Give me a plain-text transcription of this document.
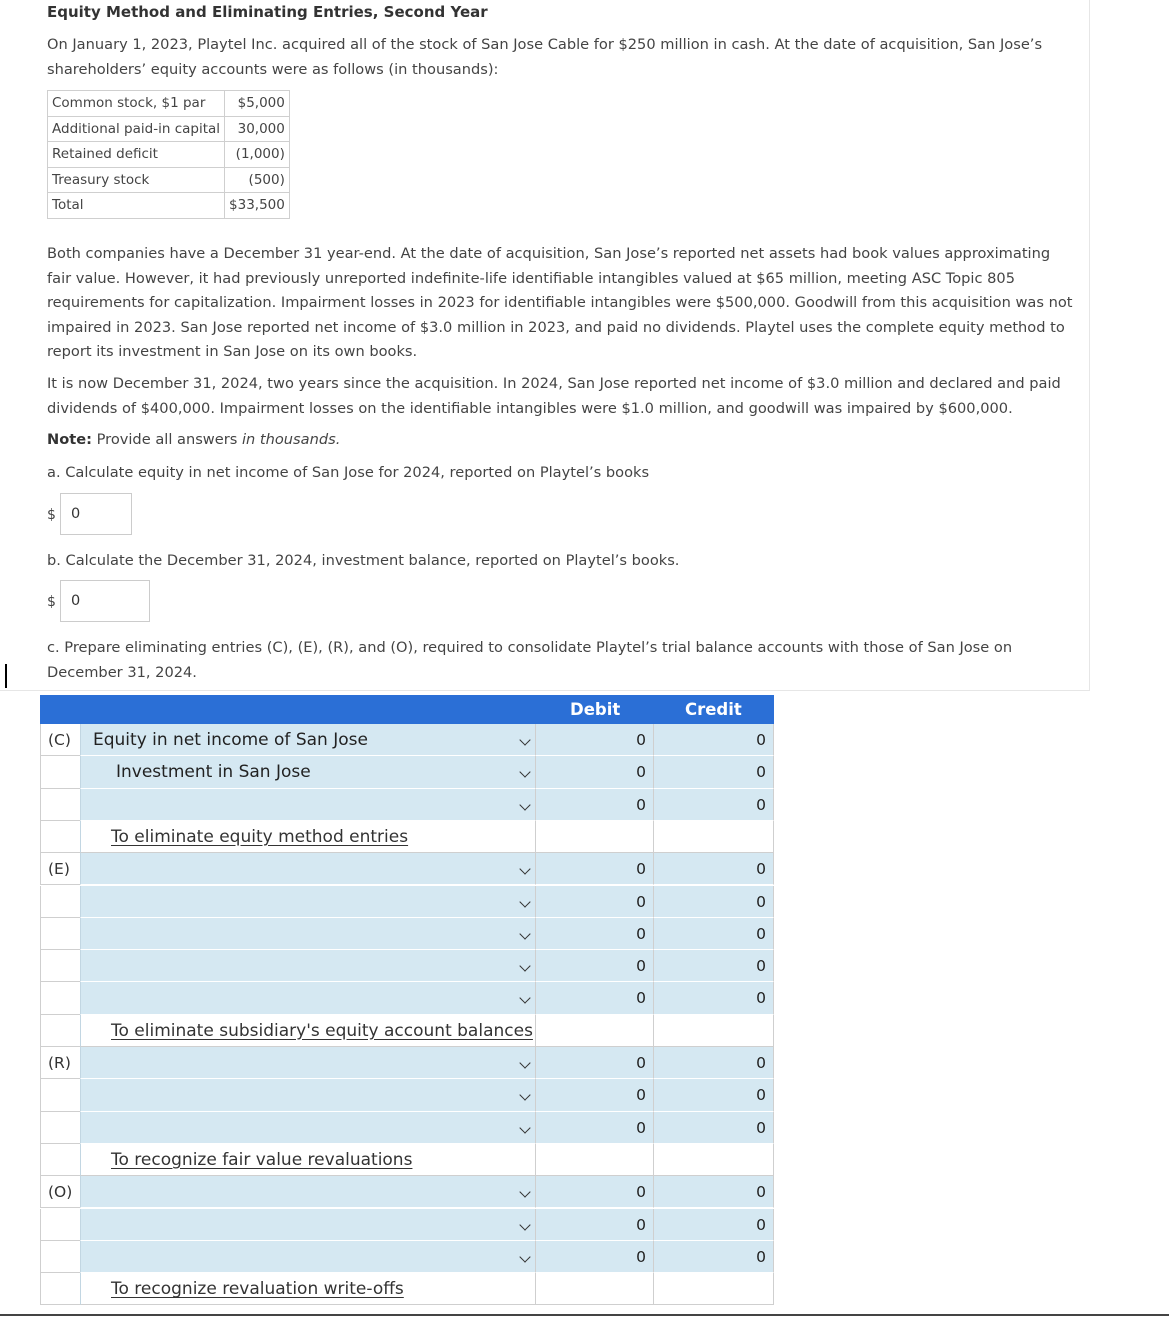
Equity Method and Eliminating Entries, Second Year
On January 1, 2023, Playtel Inc. acquired all of the stock of San Jose Cable for $250 million in cash. At the date of acquisition, San Jose’s shareholders’ equity accounts were as follows (in thousands):
Common stock, $1 par	$5,000
Additional paid-in capital	30,000
Retained deficit	(1,000)
Treasury stock	(500)
Total	$33,500
Both companies have a December 31 year-end. At the date of acquisition, San Jose’s reported net assets had book values approximating fair value. However, it had previously unreported indefinite-life identifiable intangibles valued at $65 million, meeting ASC Topic 805 requirements for capitalization. Impairment losses in 2023 for identifiable intangibles were $500,000. Goodwill from this acquisition was not impaired in 2023. San Jose reported net income of $3.0 million in 2023, and paid no dividends. Playtel uses the complete equity method to report its investment in San Jose on its own books.
It is now December 31, 2024, two years since the acquisition. In 2024, San Jose reported net income of $3.0 million and declared and paid dividends of $400,000. Impairment losses on the identifiable intangibles were $1.0 million, and goodwill was impaired by $600,000.
Note: Provide all answers in thousands.
a. Calculate equity in net income of San Jose for 2024, reported on Playtel’s books
$	0
b. Calculate the December 31, 2024, investment balance, reported on Playtel’s books.
$	0
c. Prepare eliminating entries (C), (E), (R), and (O), required to consolidate Playtel’s trial balance accounts with those of San Jose on December 31, 2024.
Debit	Credit
(C)	Equity in net income of San Jose	0	0
Investment in San Jose	0	0
0	0
To eliminate equity method entries
(E)	0	0
0	0
0	0
0	0
0	0
To eliminate subsidiary's equity account balances
(R)	0	0
0	0
0	0
To recognize fair value revaluations
(O)	0	0
0	0
0	0
To recognize revaluation write-offs
